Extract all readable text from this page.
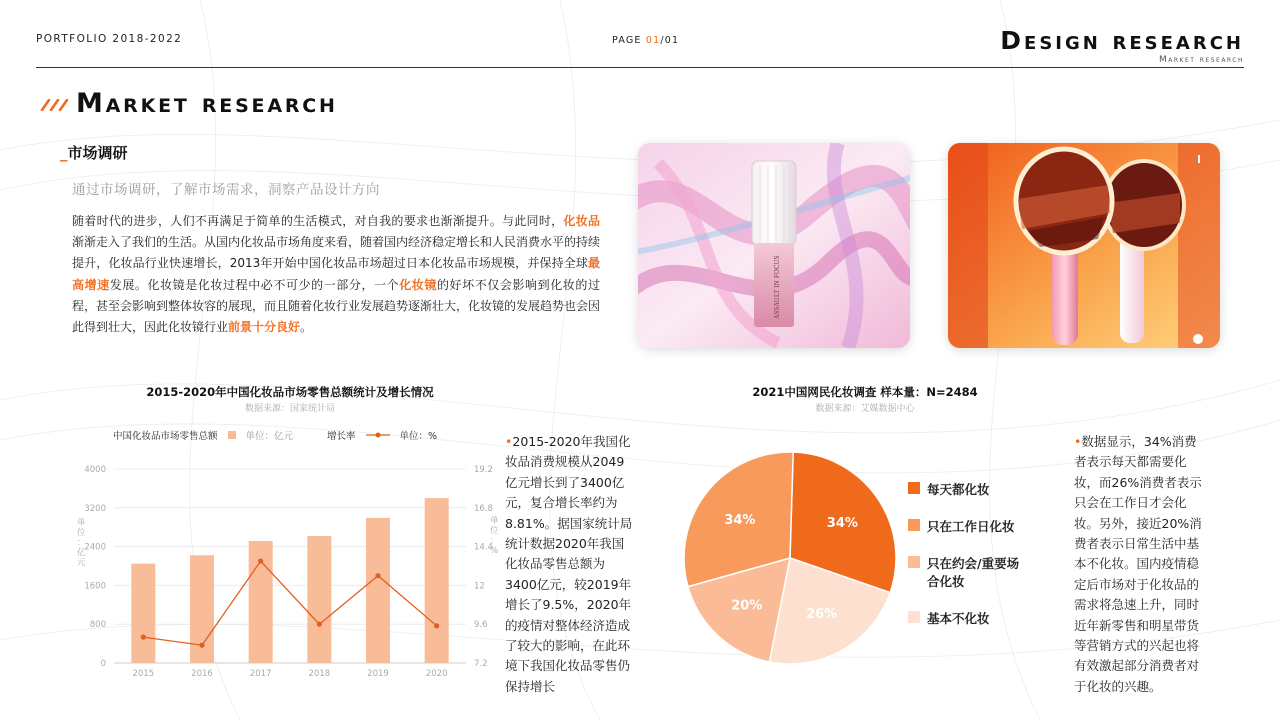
PORTFOLIO 2018-2022	PAGE 01/01	Design research
Market research
Market research
_市场调研
通过市场调研，了解市场需求，洞察产品设计方向
随着时代的进步，人们不再满足于简单的生活模式，对自我的要求也渐渐提升。与此同时，化妆品渐渐走入了我们的生活。从国内化妆品市场角度来看，随着国内经济稳定增长和人民消费水平的持续提升，化妆品行业快速增长，2013年开始中国化妆品市场超过日本化妆品市场规模，并保持全球最高增速发展。化妆镜是化妆过程中必不可少的一部分，一个化妆镜的好坏不仅会影响到化妆的过程，甚至会影响到整体妆容的展现，而且随着化妆行业发展趋势逐渐壮大，化妆镜的发展趋势也会因此得到壮大，因此化妆镜行业前景十分良好。
ASSAULT IN FOCUS
2015-2020年中国化妆品市场零售总额统计及增长情况
数据来源：国家统计局
中国化妆品市场零售总额	单位：亿元	增长率	单位：%
0
800
1600
2400
3200
4000
7.2
9.6
12
14.4
16.8
19.2
单位：亿元
单位：%
2015	2016	2017	2018	2019	2020
•2015-2020年我国化妆品消费规模从2049亿元增长到了3400亿元，复合增长率约为8.81%。据国家统计局统计数据2020年我国化妆品零售总额为3400亿元，较2019年增长了9.5%，2020年的疫情对整体经济造成了较大的影响，在此环境下我国化妆品零售仍保持增长
2021中国网民化妆调查 样本量：N=2484
数据来源：艾媒数据中心
34%
26%
20%
34%
每天都化妆
只在工作日化妆
只在约会/重要场合化妆
基本不化妆
•数据显示，34%消费者表示每天都需要化妆，而26%消费者表示只会在工作日才会化妆。另外，接近20%消费者表示日常生活中基本不化妆。国内疫情稳定后市场对于化妆品的需求将急速上升，同时近年新零售和明星带货等营销方式的兴起也将有效激起部分消费者对于化妆的兴趣。
